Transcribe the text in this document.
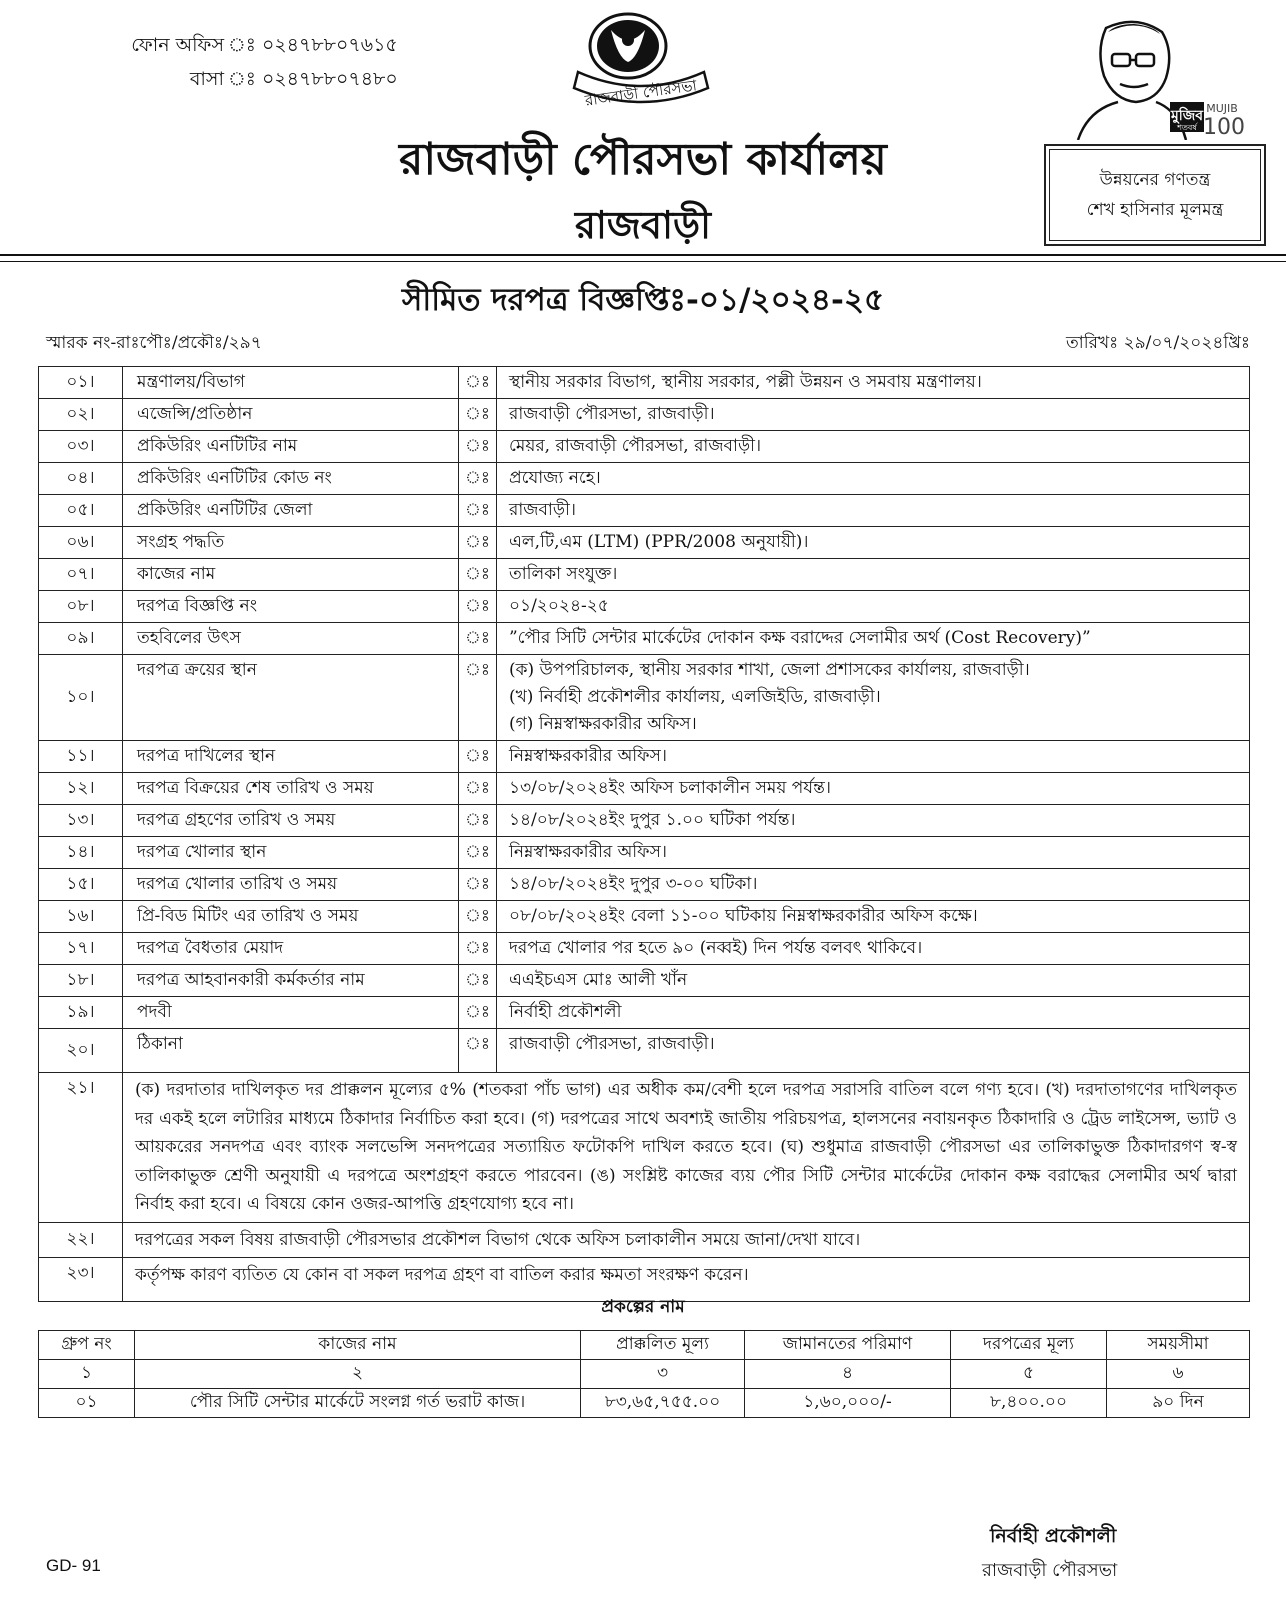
ফোন অফিস ঃ ০২৪৭৮৮০৭৬১৫
বাসা ঃ ০২৪৭৮৮০৭৪৮০	রাজবাড়ী পৌরসভা
মুজিব
শতবর্ষ
MUJIB
100
রাজবাড়ী পৌরসভা কার্যালয়
রাজবাড়ী
উন্নয়নের গণতন্ত্র
শেখ হাসিনার মূলমন্ত্র
সীমিত দরপত্র বিজ্ঞপ্তিঃ-০১/২০২৪-২৫
স্মারক নং-রাঃপৌঃ/প্রকৌঃ/২৯৭	তারিখঃ ২৯/০৭/২০২৪খ্রিঃ
০১।	মন্ত্রণালয়/বিভাগ	ঃ	স্থানীয় সরকার বিভাগ, স্থানীয় সরকার, পল্লী উন্নয়ন ও সমবায় মন্ত্রণালয়।
০২।	এজেন্সি/প্রতিষ্ঠান	ঃ	রাজবাড়ী পৌরসভা, রাজবাড়ী।
০৩।	প্রকিউরিং এনটিটির নাম	ঃ	মেয়র, রাজবাড়ী পৌরসভা, রাজবাড়ী।
০৪।	প্রকিউরিং এনটিটির কোড নং	ঃ	প্রযোজ্য নহে।
০৫।	প্রকিউরিং এনটিটির জেলা	ঃ	রাজবাড়ী।
০৬।	সংগ্রহ পদ্ধতি	ঃ	এল,টি,এম (LTM) (PPR/2008 অনুযায়ী)।
০৭।	কাজের নাম	ঃ	তালিকা সংযুক্ত।
০৮।	দরপত্র বিজ্ঞপ্তি নং	ঃ	০১/২০২৪-২৫
০৯।	তহবিলের উৎস	ঃ	”পৌর সিটি সেন্টার মার্কেটের দোকান কক্ষ বরাদ্দের সেলামীর অর্থ (Cost Recovery)”
১০।	দরপত্র ক্রয়ের স্থান	ঃ	(ক) উপপরিচালক, স্থানীয় সরকার শাখা, জেলা প্রশাসকের কার্যালয়, রাজবাড়ী।
(খ) নির্বাহী প্রকৌশলীর কার্যালয়, এলজিইডি, রাজবাড়ী।
(গ) নিম্নস্বাক্ষরকারীর অফিস।

১১।	দরপত্র দাখিলের স্থান	ঃ	নিম্নস্বাক্ষরকারীর অফিস।
১২।	দরপত্র বিক্রয়ের শেষ তারিখ ও সময়	ঃ	১৩/০৮/২০২৪ইং অফিস চলাকালীন সময় পর্যন্ত।
১৩।	দরপত্র গ্রহণের তারিখ ও সময়	ঃ	১৪/০৮/২০২৪ইং দুপুর ১.০০ ঘটিকা পর্যন্ত।
১৪।	দরপত্র খোলার স্থান	ঃ	নিম্নস্বাক্ষরকারীর অফিস।
১৫।	দরপত্র খোলার তারিখ ও সময়	ঃ	১৪/০৮/২০২৪ইং দুপুর ৩-০০ ঘটিকা।
১৬।	প্রি-বিড মিটিং এর তারিখ ও সময়	ঃ	০৮/০৮/২০২৪ইং বেলা ১১-০০ ঘটিকায় নিম্নস্বাক্ষরকারীর অফিস কক্ষে।
১৭।	দরপত্র বৈধতার মেয়াদ	ঃ	দরপত্র খোলার পর হতে ৯০ (নব্বই) দিন পর্যন্ত বলবৎ থাকিবে।
১৮।	দরপত্র আহবানকারী কর্মকর্তার নাম	ঃ	এএইচএস মোঃ আলী খাঁন
১৯।	পদবী	ঃ	নির্বাহী প্রকৌশলী
২০।	ঠিকানা	ঃ	রাজবাড়ী পৌরসভা, রাজবাড়ী।
২১।	(ক) দরদাতার দাখিলকৃত দর প্রাক্কলন মূল্যের ৫% (শতকরা পাঁচ ভাগ) এর অধীক কম/বেশী হলে দরপত্র সরাসরি বাতিল বলে গণ্য হবে। (খ) দরদাতাগণের দাখিলকৃত দর একই হলে লটারির মাধ্যমে ঠিকাদার নির্বাচিত করা হবে। (গ) দরপত্রের সাথে অবশ্যই জাতীয় পরিচয়পত্র, হালসনের নবায়নকৃত ঠিকাদারি ও ট্রেড লাইসেন্স, ভ্যাট ও আয়করের সনদপত্র এবং ব্যাংক সলভেন্সি সনদপত্রের সত্যায়িত ফটোকপি দাখিল করতে হবে। (ঘ) শুধুমাত্র রাজবাড়ী পৌরসভা এর তালিকাভুক্ত ঠিকাদারগণ স্ব-স্ব তালিকাভুক্ত শ্রেণী অনুযায়ী এ দরপত্রে অংশগ্রহণ করতে পারবেন। (ঙ) সংশ্লিষ্ট কাজের ব্যয় পৌর সিটি সেন্টার মার্কেটের দোকান কক্ষ বরাদ্ধের সেলামীর অর্থ দ্বারা নির্বাহ করা হবে। এ বিষয়ে কোন ওজর-আপত্তি গ্রহণযোগ্য হবে না।		
২২।	দরপত্রের সকল বিষয় রাজবাড়ী পৌরসভার প্রকৌশল বিভাগ থেকে অফিস চলাকালীন সময়ে জানা/দেখা যাবে।		
২৩।	কর্তৃপক্ষ কারণ ব্যতিত যে কোন বা সকল দরপত্র গ্রহণ বা বাতিল করার ক্ষমতা সংরক্ষণ করেন।		
প্রকল্পের নাম
গ্রুপ নং	কাজের নাম	প্রাক্কলিত মূল্য	জামানতের পরিমাণ	দরপত্রের মূল্য	সময়সীমা
১	২	৩	৪	৫	৬
০১	পৌর সিটি সেন্টার মার্কেটে সংলগ্ন গর্ত ভরাট কাজ।	৮৩,৬৫,৭৫৫.০০	১,৬০,০০০/-	৮,৪০০.০০	৯০ দিন
নির্বাহী প্রকৌশলী
রাজবাড়ী পৌরসভা
GD- 91
